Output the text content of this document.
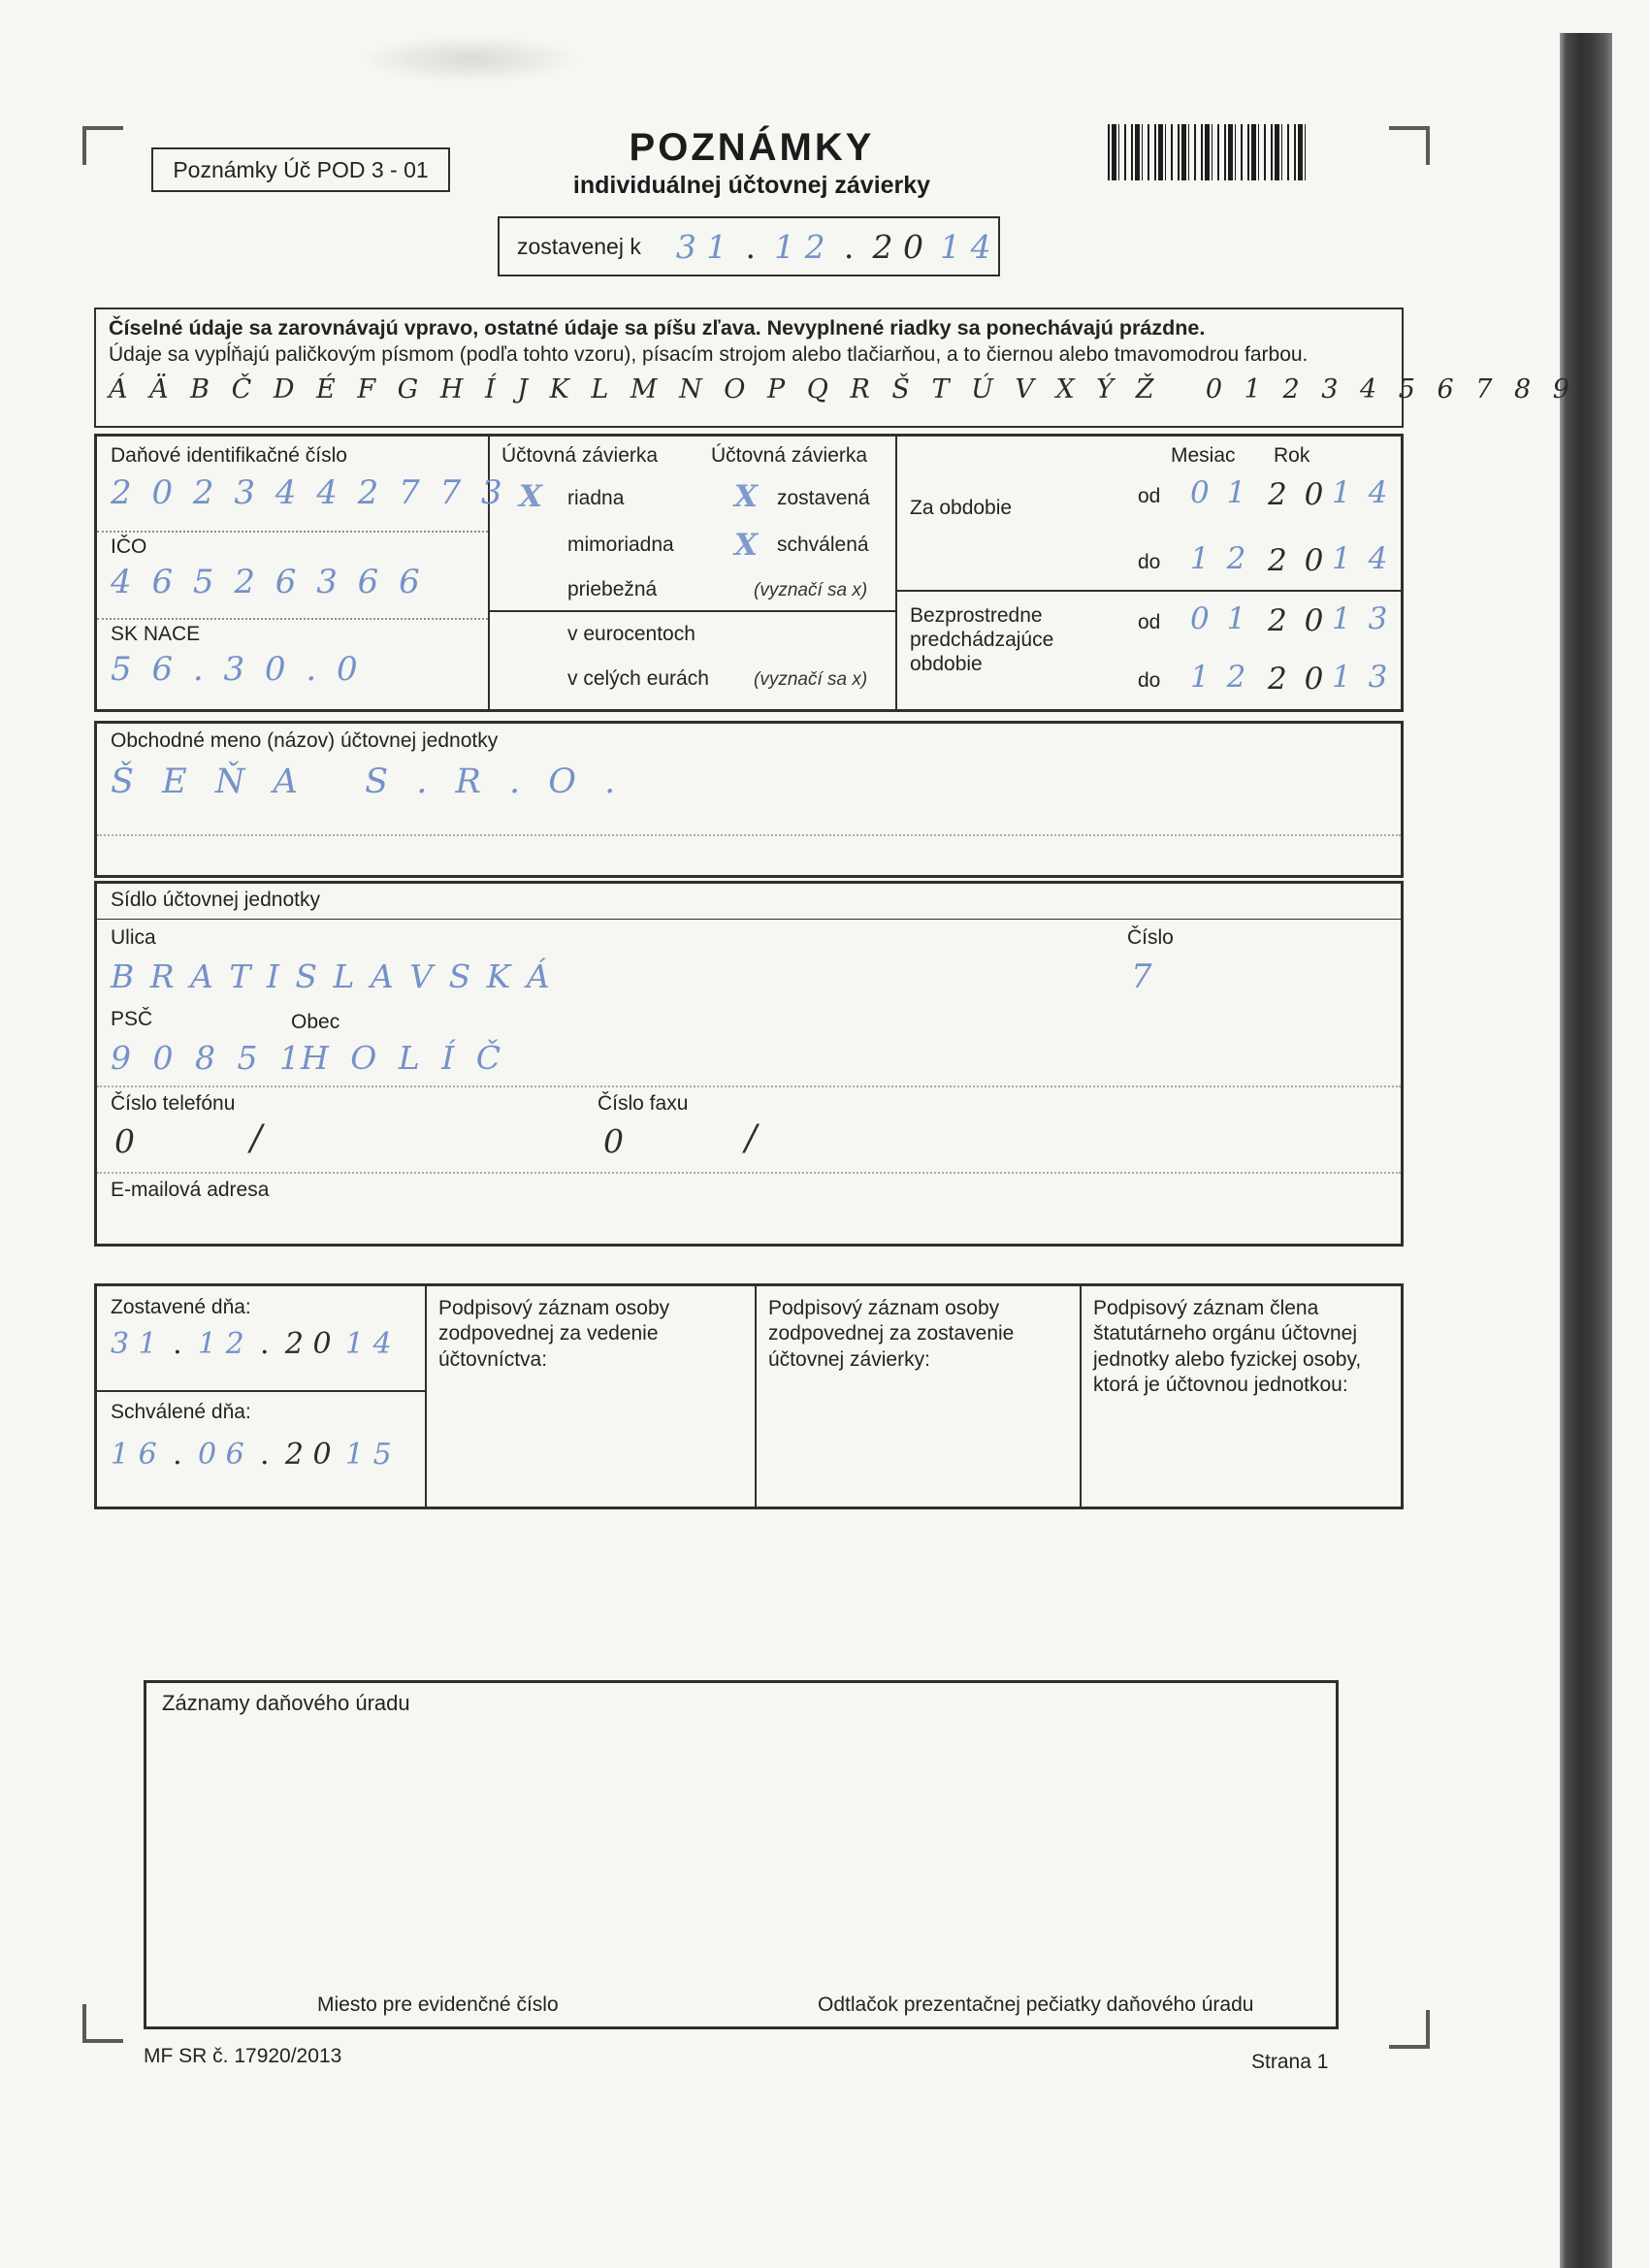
Poznámky Úč POD 3 - 01
POZNÁMKY
individuálnej účtovnej závierky
zostavenej k 3 1 . 1 2 . 2 0 1 4
Číselné údaje sa zarovnávajú vpravo, ostatné údaje sa píšu zľava. Nevyplnené riadky sa ponechávajú prázdne.
Údaje sa vypĺňajú paličkovým písmom (podľa tohto vzoru), písacím strojom alebo tlačiarňou, a to čiernou alebo tmavomodrou farbou.
Á Ä B Č D É F G H Í J K L M N O P Q R Š T Ú V X Ý Ž 0 1 2 3 4 5 6 7 8 9
Daňové identifikačné číslo
2 0 2 3 4 4 2 7 7 3
IČO
4 6 5 2 6 3 6 6
SK NACE
5 6 . 3 0 . 0
Účtovná závierka
X riadna
mimoriadna
priebežná
Účtovná závierka
X zostavená
X schválená
(vyznačí sa x)
v eurocentoch
v celých eurách (vyznačí sa x)
Mesiac Rok
Za obdobie
od 0 1 2 0 1 4
do 1 2 2 0 1 4
Bezprostredne predchádzajúce obdobie
od 0 1 2 0 1 3
do 1 2 2 0 1 3
Obchodné meno (názov) účtovnej jednotky
Š E Ň A   S . R . O .
Sídlo účtovnej jednotky
Ulica
B R A T I S L A V S K Á
Číslo
7
PSČ	Obec
9 0 8 5 1
H O L Í Č
Číslo telefónu	Číslo faxu
0	/	0	/
E-mailová adresa
Zostavené dňa:
3 1 . 1 2 . 2 0 1 4
Schválené dňa:
1 6 . 0 6 . 2 0 1 5
Podpisový záznam osoby zodpovednej za vedenie účtovníctva:
Podpisový záznam osoby zodpovednej za zostavenie účtovnej závierky:
Podpisový záznam člena štatutárneho orgánu účtovnej jednotky alebo fyzickej osoby, ktorá je účtovnou jednotkou:
Záznamy daňového úradu
Miesto pre evidenčné číslo	Odtlačok prezentačnej pečiatky daňového úradu
MF SR č. 17920/2013	Strana 1
